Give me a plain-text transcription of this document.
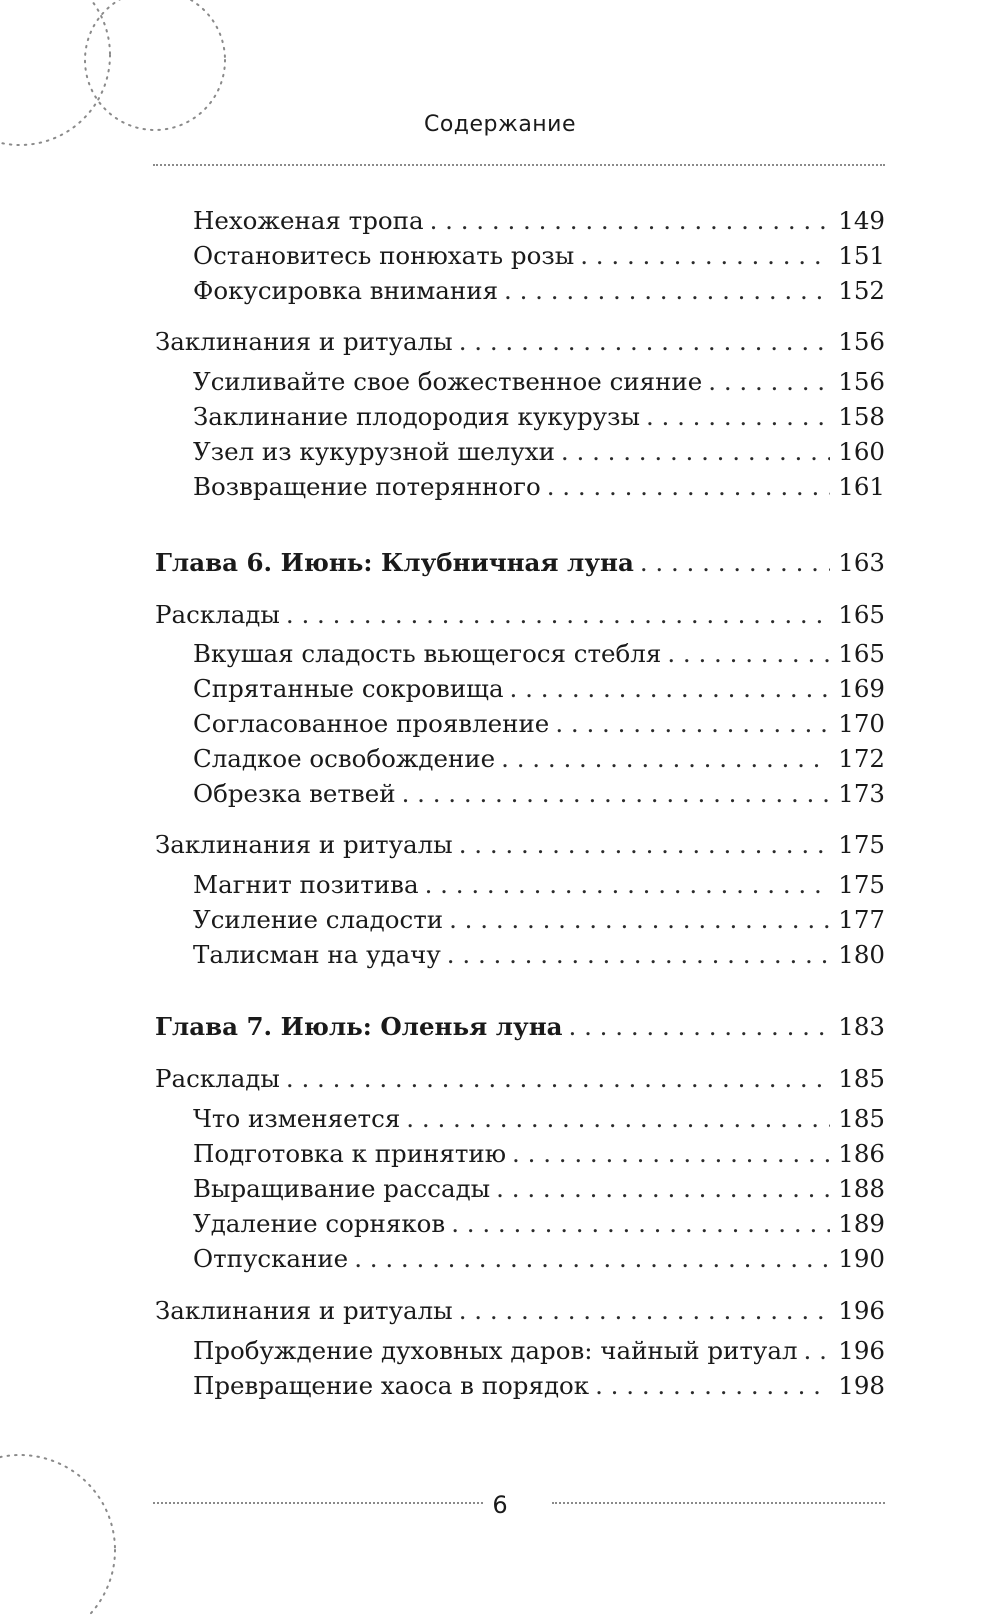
Содержание
Нехоженая тропа . . .	149
Остановитесь понюхать розы . . .	151
Фокусировка внимания . . .	152
Заклинания и ритуалы . . .	156
Усиливайте свое божественное сияние . . .	156
Заклинание плодородия кукурузы . . .	158
Узел из кукурузной шелухи . . .	160
Возвращение потерянного . . .	161
Глава 6. Июнь: Клубничная луна . . .	163
Расклады . . .	165
Вкушая сладость вьющегося стебля . . .	165
Спрятанные сокровища . . .	169
Согласованное проявление . . .	170
Сладкое освобождение . . .	172
Обрезка ветвей . . .	173
Заклинания и ритуалы . . .	175
Магнит позитива . . .	175
Усиление сладости . . .	177
Талисман на удачу . . .	180
Глава 7. Июль: Оленья луна . . .	183
Расклады . . .	185
Что изменяется . . .	185
Подготовка к принятию . . .	186
Выращивание рассады . . .	188
Удаление сорняков . . .	189
Отпускание . . .	190
Заклинания и ритуалы . . .	196
Пробуждение духовных даров: чайный ритуал . . . 196
Превращение хаоса в порядок . . .	198
6
